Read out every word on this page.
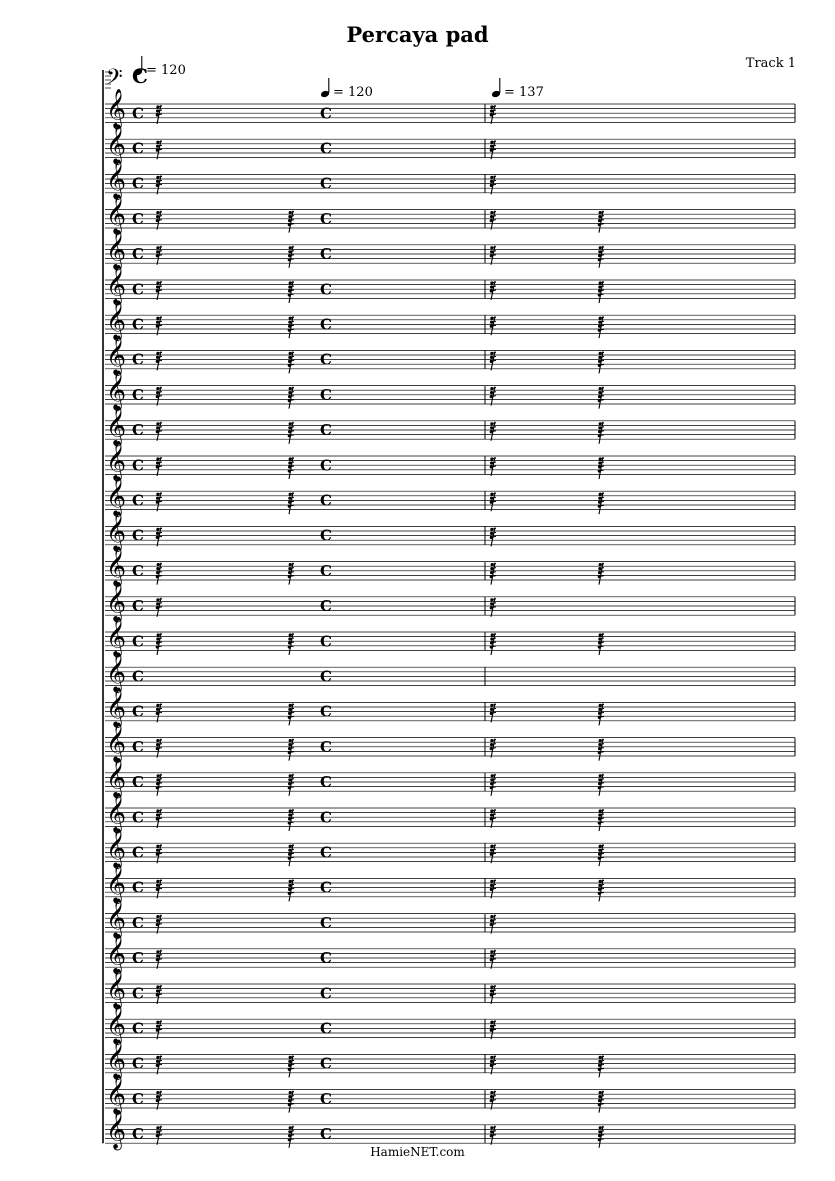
Percaya pad
Track 1
= 120
= 120	= 137
𝄢 C
𝄞 C	C
𝄞 C	C
𝄞 C	C
𝄞 C	C
𝄞 C	C
𝄞 C	C
𝄞 C	C
𝄞 C	C
𝄞 C	C
𝄞 C	C
𝄞 C	C
𝄞 C	C
𝄞 C	C
𝄞 C	C
𝄞 C	C
𝄞 C	C
𝄞 C	C
𝄞 C	C
𝄞 C	C
𝄞 C	C
𝄞 C	C
𝄞 C	C
𝄞 C	C
𝄞 C	C
𝄞 C	C
𝄞 C	C
𝄞 C	C
𝄞 C	C
𝄞 C	C
𝄞 C	C
HamieNET.com
